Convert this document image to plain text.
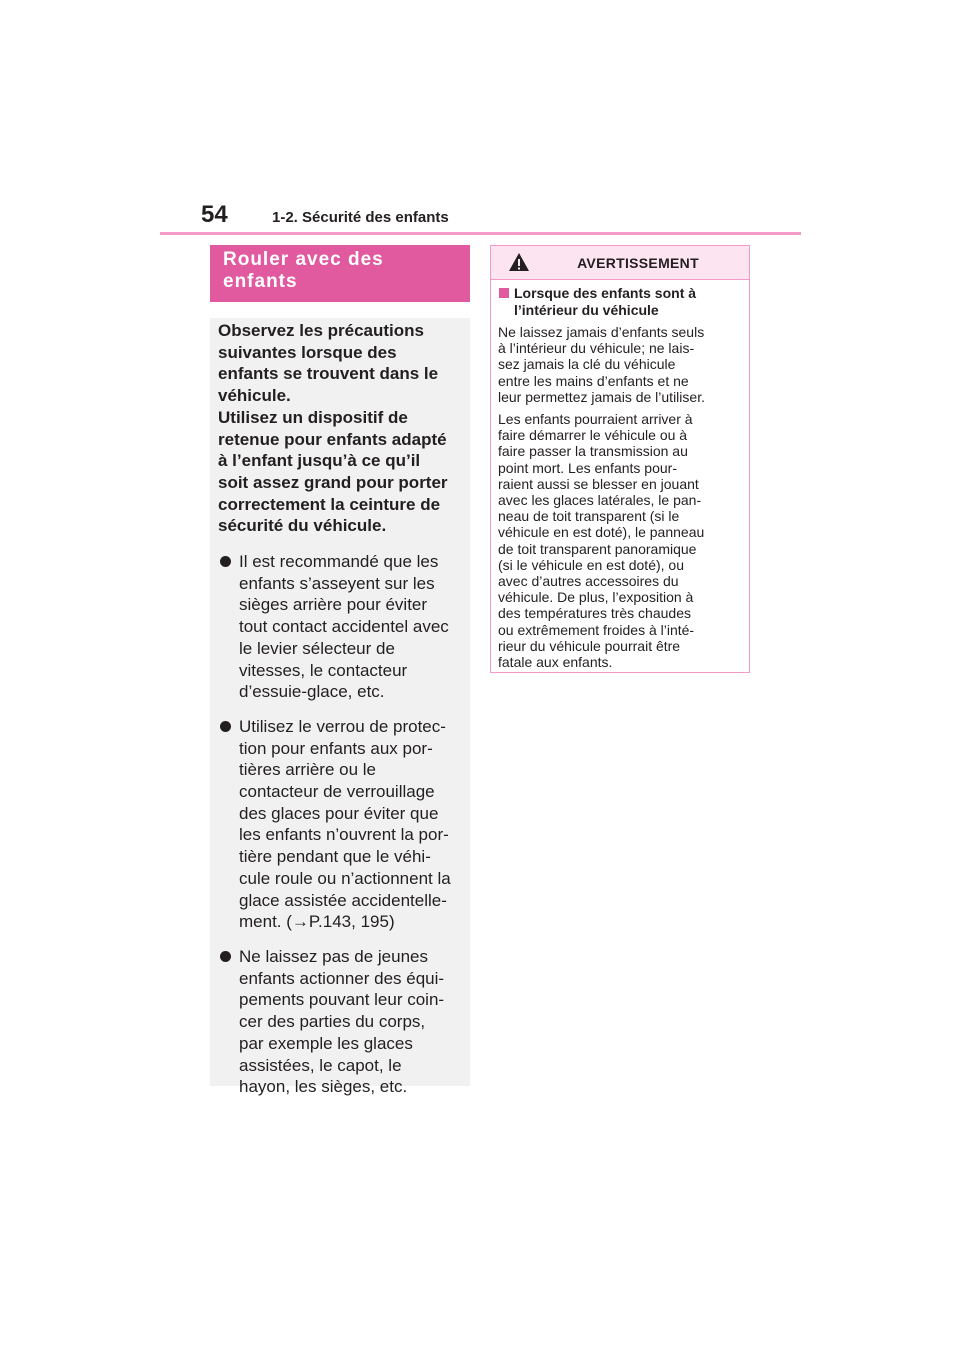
54	1-2. Sécurité des enfants
Rouler avec des
enfants

Observez les précautions

suivantes lorsque des

enfants se trouvent dans le

véhicule.

Utilisez un dispositif de

retenue pour enfants adapté

à l’enfant jusqu’à ce qu’il

soit assez grand pour porter

correctement la ceinture de

sécurité du véhicule.

Il est recommandé que les
enfants s’asseyent sur les
sièges arrière pour éviter
tout contact accidentel avec
le levier sélecteur de
vitesses, le contacteur
d’essuie-glace, etc.
Utilisez le verrou de protec-
tion pour enfants aux por-
tières arrière ou le
contacteur de verrouillage
des glaces pour éviter que
les enfants n’ouvrent la por-
tière pendant que le véhi-
cule roule ou n’actionnent la
glace assistée accidentelle-
ment. (→P.143, 195)
Ne laissez pas de jeunes
enfants actionner des équi-
pements pouvant leur coin-
cer des parties du corps,
par exemple les glaces
assistées, le capot, le
hayon, les sièges, etc.
AVERTISSEMENT
Lorsque des enfants sont à
l’intérieur du véhicule
Ne laissez jamais d’enfants seuls
à l’intérieur du véhicule; ne lais-
sez jamais la clé du véhicule
entre les mains d’enfants et ne
leur permettez jamais de l’utiliser.
Les enfants pourraient arriver à
faire démarrer le véhicule ou à
faire passer la transmission au
point mort. Les enfants pour-
raient aussi se blesser en jouant
avec les glaces latérales, le pan-
neau de toit transparent (si le
véhicule en est doté), le panneau
de toit transparent panoramique
(si le véhicule en est doté), ou
avec d’autres accessoires du
véhicule. De plus, l’exposition à
des températures très chaudes
ou extrêmement froides à l’inté-
rieur du véhicule pourrait être
fatale aux enfants.
